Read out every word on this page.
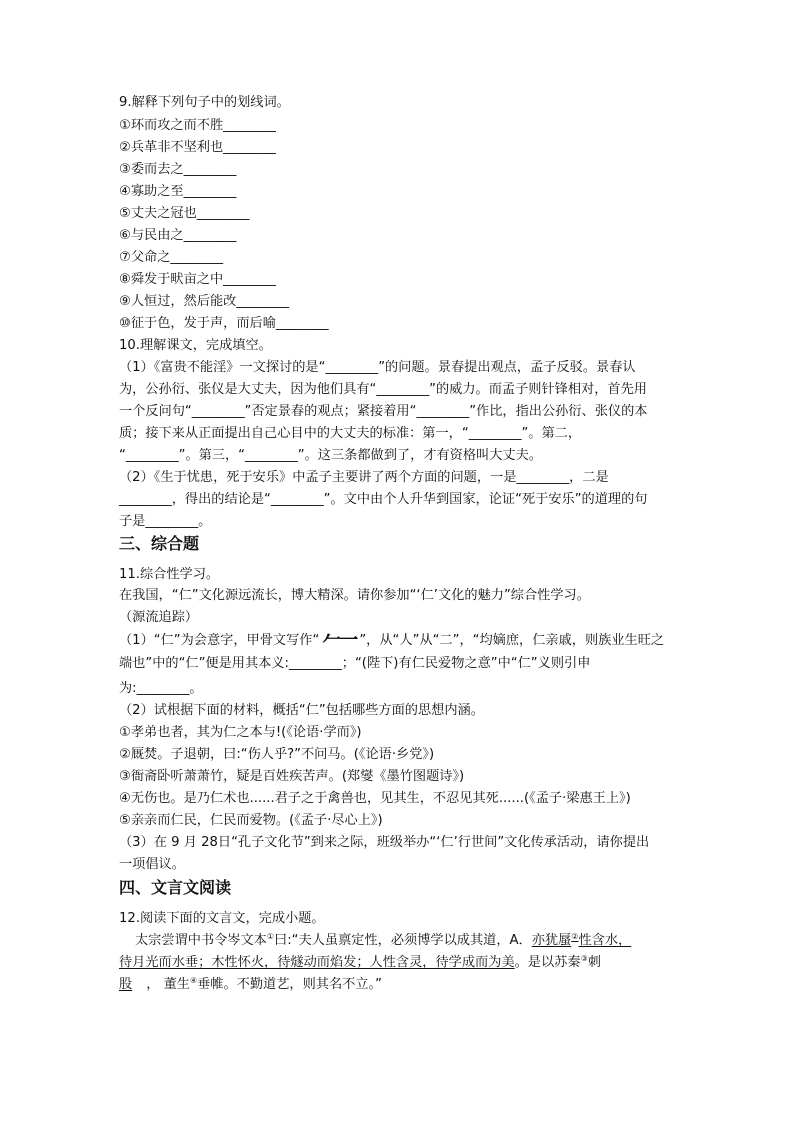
9.解释下列句子中的划线词。
①环而攻之而不胜________
②兵革非不坚利也________
③委而去之________
④寡助之至________
⑤丈夫之冠也________
⑥与民由之________
⑦父命之________
⑧舜发于畎亩之中________
⑨人恒过，然后能改________
⑩征于色，发于声，而后喻________
10.理解课文，完成填空。
（1）《富贵不能淫》一文探讨的是“________”的问题。景春提出观点，孟子反驳。景春认
为，公孙衍、张仪是大丈夫，因为他们具有“________”的威力。而孟子则针锋相对，首先用
一个反问句“________”否定景春的观点；紧接着用“________”作比，指出公孙衍、张仪的本
质；接下来从正面提出自己心目中的大丈夫的标准：第一，“________”。第二，
“________”。第三，“________”。这三条都做到了，才有资格叫大丈夫。
（2）《生于忧患，死于安乐》中孟子主要讲了两个方面的问题，一是________，二是
________，得出的结论是“________”。文中由个人升华到国家，论证“死于安乐”的道理的句
子是________。
三、综合题
11.综合性学习。
在我国，“仁”文化源远流长，博大精深。请你参加“‘仁’文化的魅力”综合性学习。
（源流追踪）
（1）“仁”为会意字，甲骨文写作“ 𠂉一 ”，从“人”从“二”，“均嫡庶，仁亲戚，则族业生旺之
端也”中的“仁”便是用其本义:________；“(陛下)有仁民爱物之意”中“仁”义则引申
为:________。
（2）试根据下面的材料，概括“仁”包括哪些方面的思想内涵。
①孝弟也者，其为仁之本与!(《论语·学而》)
②厩焚。子退朝，曰:“伤人乎?”不问马。(《论语·乡党》)
③衙斋卧听萧萧竹，疑是百姓疾苦声。(郑燮《墨竹图题诗》)
④无伤也。是乃仁术也......君子之于禽兽也，见其生，不忍见其死......(《孟子·梁惠王上》)
⑤亲亲而仁民，仁民而爱物。(《孟子·尽心上》)
（3）在 9 月 28日“孔子文化节”到来之际，班级举办“‘仁’行世间”文化传承活动，请你提出
一项倡议。
四、文言文阅读
12.阅读下面的文言文，完成小题。
太宗尝谓中书令岑文本①曰:“夫人虽禀定性，必须博学以成其道，A．亦犹蜃②性含水，
待月光而水垂；木性怀火，待燧动而焰发；人性含灵，待学成而为美。是以苏秦③刺
股 ， 董生④垂帷。不勤道艺，则其名不立。”
